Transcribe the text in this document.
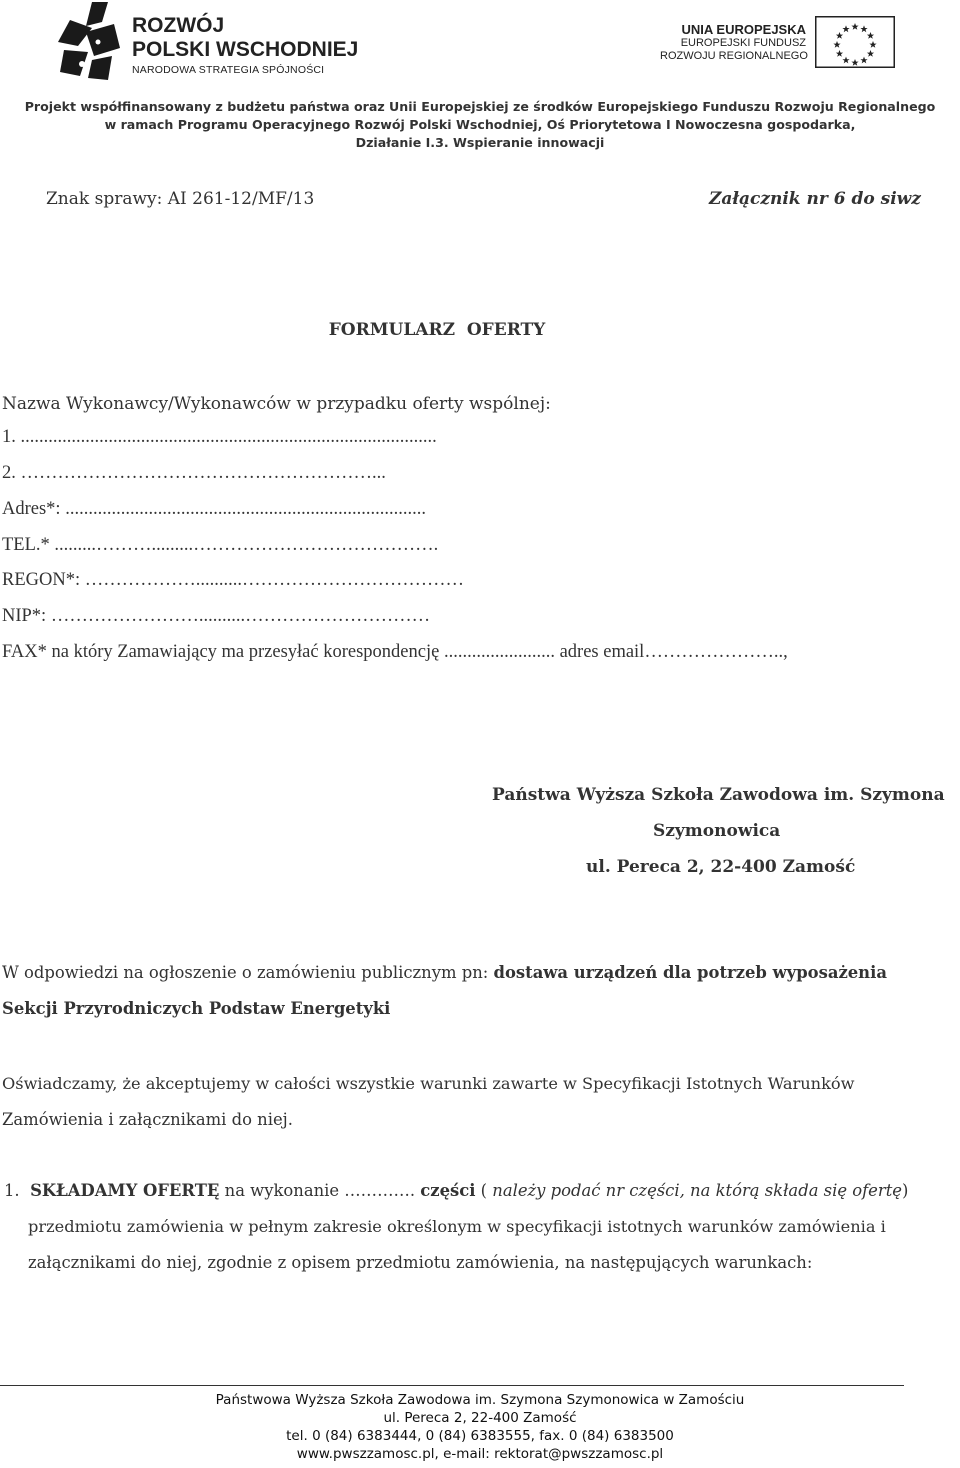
ROZWÓJ
POLSKI WSCHODNIEJ
NARODOWA STRATEGIA SPÓJNOŚCI
UNIA EUROPEJSKA
EUROPEJSKI FUNDUSZ
ROZWOJU REGIONALNEGO
Projekt współfinansowany z budżetu państwa oraz Unii Europejskiej ze środków Europejskiego Funduszu Rozwoju Regionalnego
w ramach Programu Operacyjnego Rozwój Polski Wschodniej, Oś Priorytetowa I Nowoczesna gospodarka,
Działanie I.3. Wspieranie innowacji
Znak sprawy: AI 261-12/MF/13	Załącznik nr 6 do siwz
FORMULARZ  OFERTY
Nazwa Wykonawcy/Wykonawców w przypadku oferty wspólnej:
1. ..........................................................................................
2. …………………………………………………...
Adres*: ..............................................................................
TEL.* .........……….........………………………………….
REGON*: ………………..........………………………………
NIP*: ……………………..........…………………………
FAX* na który Zamawiający ma przesyłać korespondencję ........................ adres email…………………..,
Państwa Wyższa Szkoła Zawodowa im. Szymona
Szymonowica
ul. Pereca 2, 22-400 Zamość
W odpowiedzi na ogłoszenie o zamówieniu publicznym pn: dostawa urządzeń dla potrzeb wyposażenia
Sekcji Przyrodniczych Podstaw Energetyki
Oświadczamy, że akceptujemy w całości wszystkie warunki zawarte w Specyfikacji Istotnych Warunków
Zamówienia i załącznikami do niej.
1. SKŁADAMY OFERTĘ na wykonanie …………. części ( należy podać nr części, na którą składa się ofertę)
przedmiotu zamówienia w pełnym zakresie określonym w specyfikacji istotnych warunków zamówienia i
załącznikami do niej, zgodnie z opisem przedmiotu zamówienia, na następujących warunkach:
Państwowa Wyższa Szkoła Zawodowa im. Szymona Szymonowica w Zamościu
ul. Pereca 2, 22-400 Zamość
tel. 0 (84) 6383444, 0 (84) 6383555, fax. 0 (84) 6383500
www.pwszzamosc.pl, e-mail: rektorat@pwszzamosc.pl
